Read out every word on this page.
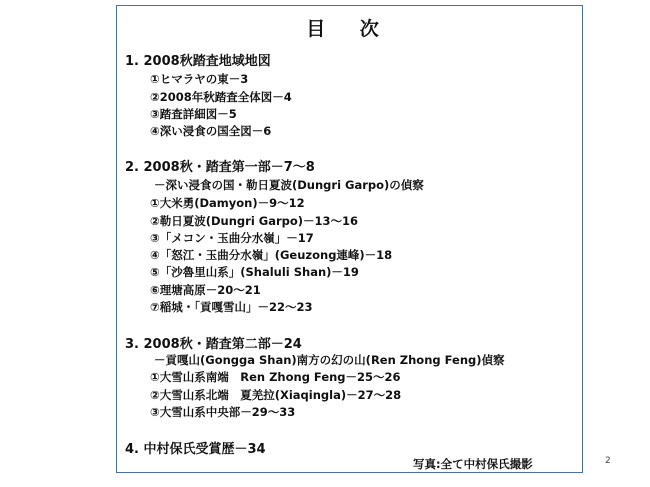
目 次
1. 2008秋踏査地域地図
①ヒマラヤの東－3
②2008年秋踏査全体図－4
③踏査詳細図－5
④深い浸食の国全図－6
2. 2008秋・踏査第一部－7～8
－深い浸食の国・勒日夏波(Dungri Garpo)の偵察
①大米勇(Damyon)－9～12
②勒日夏波(Dungri Garpo)－13～16
③「メコン・玉曲分水嶺」－17
④「怒江・玉曲分水嶺」(Geuzong連峰)－18
⑤「沙魯里山系」(Shaluli Shan)－19
⑥理塘高原－20～21
⑦稲城・「貢嘎雪山」－22～23
3. 2008秋・踏査第二部－24
－貢嘎山(Gongga Shan)南方の幻の山(Ren Zhong Feng)偵察
①大雪山系南端　Ren Zhong Feng－25～26
②大雪山系北端　夏羌拉(Xiaqingla)－27～28
③大雪山系中央部－29～33
4. 中村保氏受賞歴－34
写真:全て中村保氏撮影	2
